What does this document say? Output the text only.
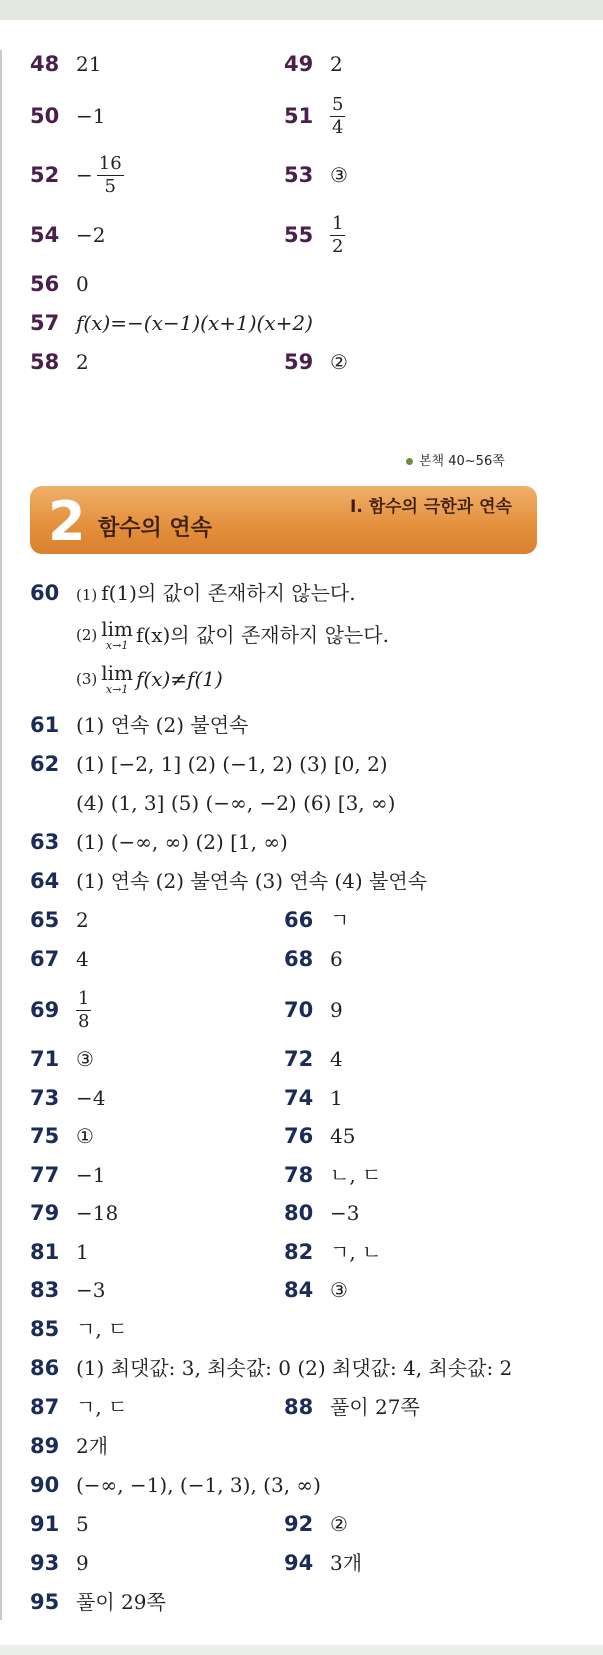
48 21	49 2
50 −1	$51 \frac{5}{4}$
$52 - \frac{16}{5}$	53 ③
54 −2	$55 \frac{1}{2}$
56 0
57 f(x)=−(x−1)(x+1)(x+2)
58 2	59 ②
본책 40~56쪽
2 함수의 연속
I. 함수의 극한과 연속
60 (1) f(1)의 값이 존재하지 않는다.
(2) lim
x→1 f(x)의 값이 존재하지 않는다.
(3) lim
x→1 f(x)≠f(1)
61 (1) 연속 (2) 불연속
62 (1) [−2, 1] (2) (−1, 2) (3) [0, 2)
(4) (1, 3] (5) (−∞, −2) (6) [3, ∞)
63 (1) (−∞, ∞) (2) [1, ∞)
64 (1) 연속 (2) 불연속 (3) 연속 (4) 불연속
65 2	66 ㄱ
67 4	68 6
$69 \frac{1}{8}$	70 9
71 ③	72 4
73 −4	74 1
75 ①	76 45
77 −1	78 ㄴ, ㄷ
79 −18	80 −3
81 1	82 ㄱ, ㄴ
83 −3	84 ③
85 ㄱ, ㄷ
86 (1) 최댓값: 3, 최솟값: 0 (2) 최댓값: 4, 최솟값: 2
87 ㄱ, ㄷ	88 풀이 27쪽
89 2개
90 (−∞, −1), (−1, 3), (3, ∞)
91 5	92 ②
93 9	94 3개
95 풀이 29쪽
